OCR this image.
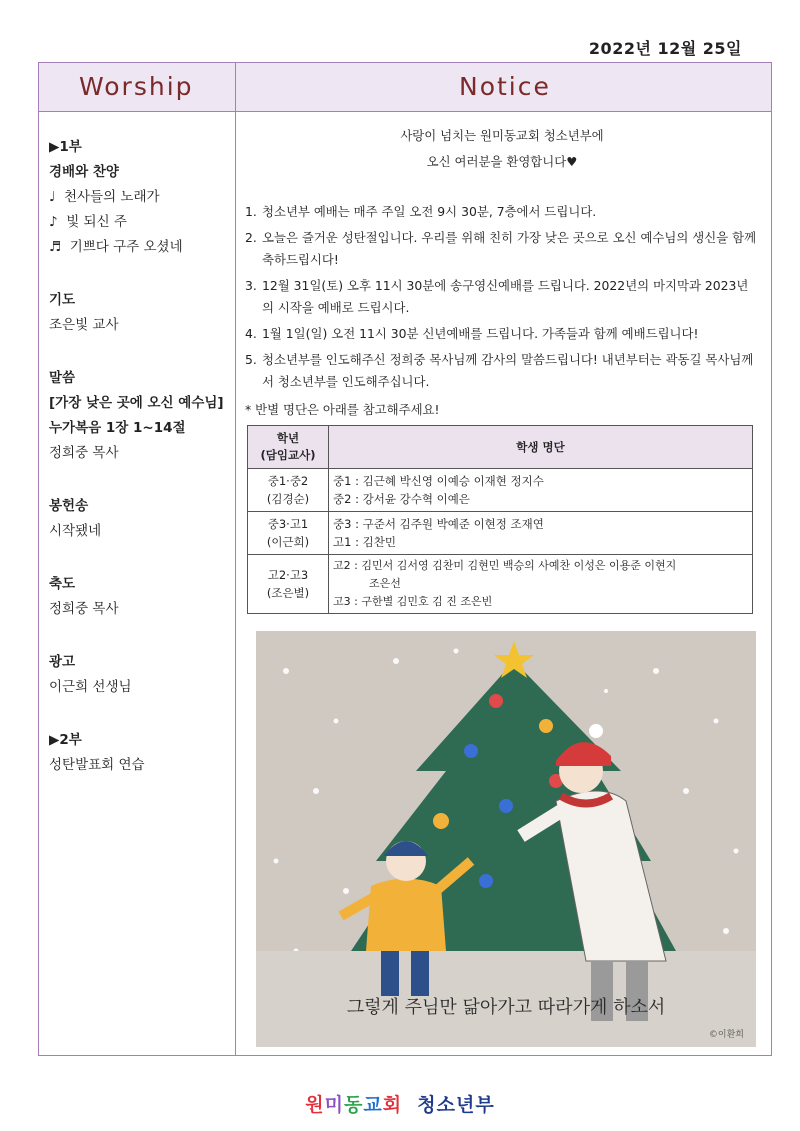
2022년 12월 25일
Worship	Notice
▶1부
경배와 찬양
♩ 천사들의 노래가
♪ 빛 되신 주
♬ 기쁘다 구주 오셨네
기도
조은빛 교사
말씀
[가장 낮은 곳에 오신 예수님]
누가복음 1장 1~14절
정희중 목사
봉헌송
시작됐네
축도
정희중 목사
광고
이근희 선생님
▶2부
성탄발표회 연습
사랑이 넘치는 원미동교회 청소년부에
오신 여러분을 환영합니다♥
1. 청소년부 예배는 매주 주일 오전 9시 30분, 7층에서 드립니다.
2. 오늘은 즐거운 성탄절입니다. 우리를 위해 친히 가장 낮은 곳으로 오신 예수님의 생신을 함께 축하드립시다!
3. 12월 31일(토) 오후 11시 30분에 송구영신예배를 드립니다. 2022년의 마지막과 2023년의 시작을 예배로 드립시다.
4. 1월 1일(일) 오전 11시 30분 신년예배를 드립니다. 가족들과 함께 예배드립니다!
5. 청소년부를 인도해주신 정희중 목사님께 감사의 말씀드립니다! 내년부터는 곽동길 목사님께서 청소년부를 인도해주십니다.
* 반별 명단은 아래를 참고해주세요!
학년
(담임교사)	학생 명단

중1·중2
(김경순)	중1 : 김근혜 박신영 이예승 이재현 정지수
중2 : 강서윤 강수혁 이예은

중3·고1
(이근희)	중3 : 구준서 김주원 박예준 이현정 조재연
고1 : 김찬민

고2·고3
(조은별)	고2 : 김민서 김서영 김찬미 김현민 백승의 사예찬 이성은 이용준 이현지
조은선
고3 : 구한별 김민호 김 진 조은빈
그렇게 주님만 닮아가고 따라가게 하소서
©이환희
원미동교회 청소년부
